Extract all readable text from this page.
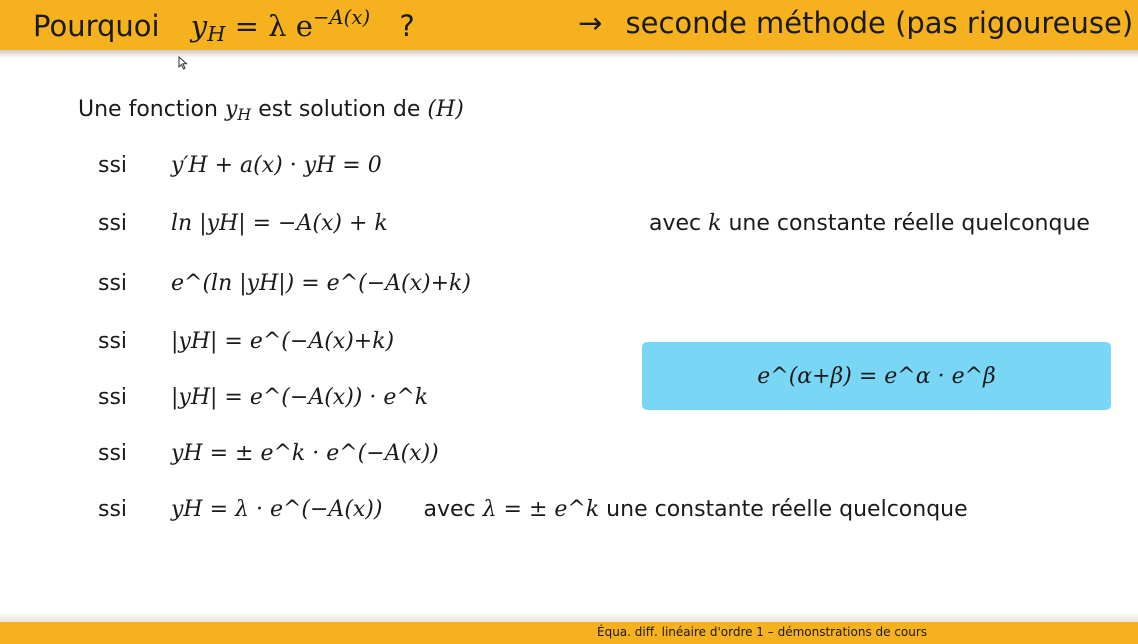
Pourquoi $y_H = \lambda$ $e^{-A(x)}$ ?	→ seconde méthode (pas rigoureuse)
Une fonction $y_H$ est solution de (H)
ssi y′H + a(x) · yH = 0
ssi ln |yH| = −A(x) + k	avec k une constante réelle quelconque
ssi e^(ln |yH|) = e^(−A(x)+k)
ssi |yH| = e^(−A(x)+k)
e^(α+β) = e^α · e^β
ssi |yH| = e^(−A(x)) · e^k
ssi yH = ± e^k · e^(−A(x))
ssi yH = λ · e^(−A(x)) avec λ = ± e^k une constante réelle quelconque
Équa. diff. linéaire d'ordre 1 – démonstrations de cours
